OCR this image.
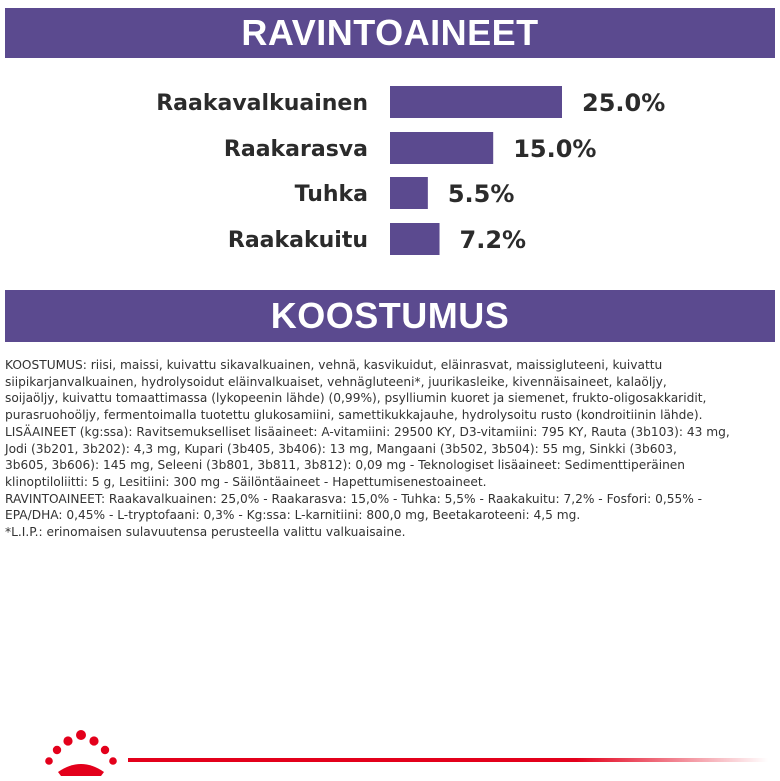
RAVINTOAINEET
Raakavalkuainen	25.0%
Raakarasva	15.0%
Tuhka	5.5%
Raakakuitu	7.2%
KOOSTUMUS

KOOSTUMUS: riisi, maissi, kuivattu sikavalkuainen, vehnä, kasvikuidut, eläinrasvat, maissigluteeni, kuivattu

siipikarjanvalkuainen, hydrolysoidut eläinvalkuaiset, vehnägluteeni*, juurikasleike, kivennäisaineet, kalaöljy,

soijaöljy, kuivattu tomaattimassa (lykopeenin lähde) (0,99%), psylliumin kuoret ja siemenet, frukto-oligosakkaridit,

purasruohoöljy, fermentoimalla tuotettu glukosamiini, samettikukkajauhe, hydrolysoitu rusto (kondroitiinin lähde).

LISÄAINEET (kg:ssa): Ravitsemukselliset lisäaineet: A-vitamiini: 29500 KY, D3-vitamiini: 795 KY, Rauta (3b103): 43 mg,

Jodi (3b201, 3b202): 4,3 mg, Kupari (3b405, 3b406): 13 mg, Mangaani (3b502, 3b504): 55 mg, Sinkki (3b603,

3b605, 3b606): 145 mg, Seleeni (3b801, 3b811, 3b812): 0,09 mg - Teknologiset lisäaineet: Sedimenttiperäinen

klinoptiloliitti: 5 g, Lesitiini: 300 mg - Säilöntäaineet - Hapettumisenestoaineet.

RAVINTOAINEET: Raakavalkuainen: 25,0% - Raakarasva: 15,0% - Tuhka: 5,5% - Raakakuitu: 7,2% - Fosfori: 0,55% -

EPA/DHA: 0,45% - L-tryptofaani: 0,3% - Kg:ssa: L-karnitiini: 800,0 mg, Beetakaroteeni: 4,5 mg.

*L.I.P.: erinomaisen sulavuutensa perusteella valittu valkuaisaine.
